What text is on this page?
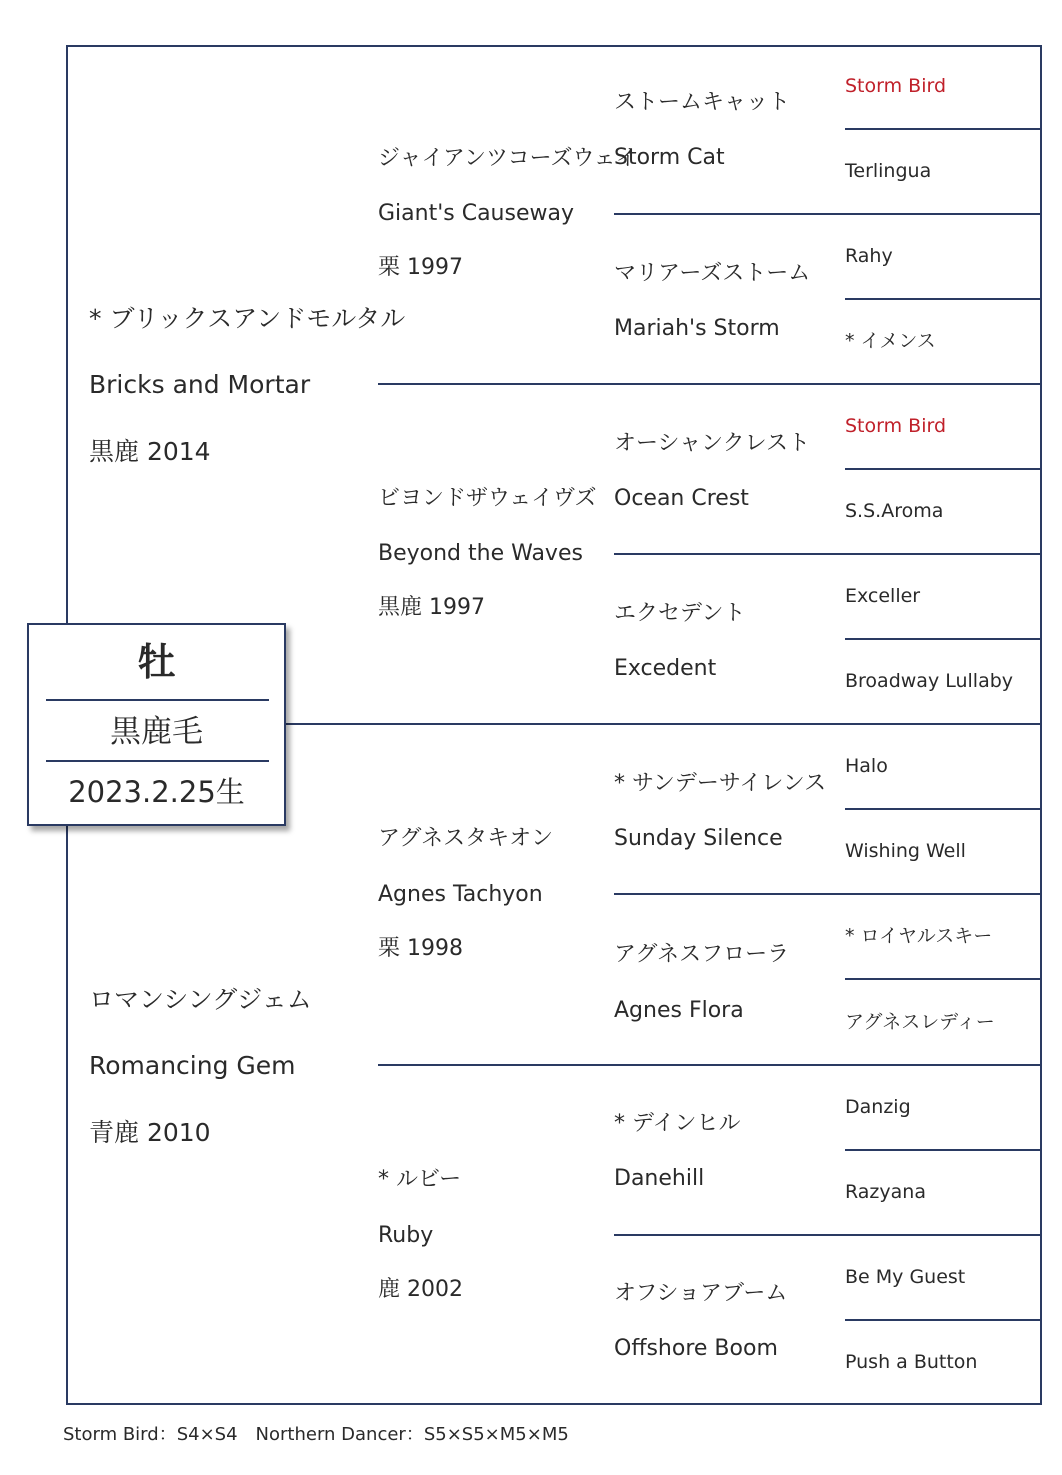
* ブリックスアンドモルタル
Bricks and Mortar
黒鹿 2014
ロマンシングジェム
Romancing Gem
青鹿 2010
ジャイアンツコーズウェイ
Giant's Causeway
栗 1997
ビヨンドザウェイヴズ
Beyond the Waves
黒鹿 1997
アグネスタキオン
Agnes Tachyon
栗 1998
* ルビー
Ruby
鹿 2002
ストームキャット
Storm Cat
マリアーズストーム
Mariah's Storm
オーシャンクレスト
Ocean Crest
エクセデント
Excedent
* サンデーサイレンス
Sunday Silence
アグネスフローラ
Agnes Flora
* デインヒル
Danehill
オフショアブーム
Offshore Boom
Storm Bird
Terlingua
Rahy
* イメンス
Storm Bird
S.S.Aroma
Exceller
Broadway Lullaby
Halo
Wishing Well
* ロイヤルスキー
アグネスレディー
Danzig
Razyana
Be My Guest
Push a Button
牡
黒鹿毛
2023.2.25生
Storm Bird：S4×S4　Northern Dancer：S5×S5×M5×M5
